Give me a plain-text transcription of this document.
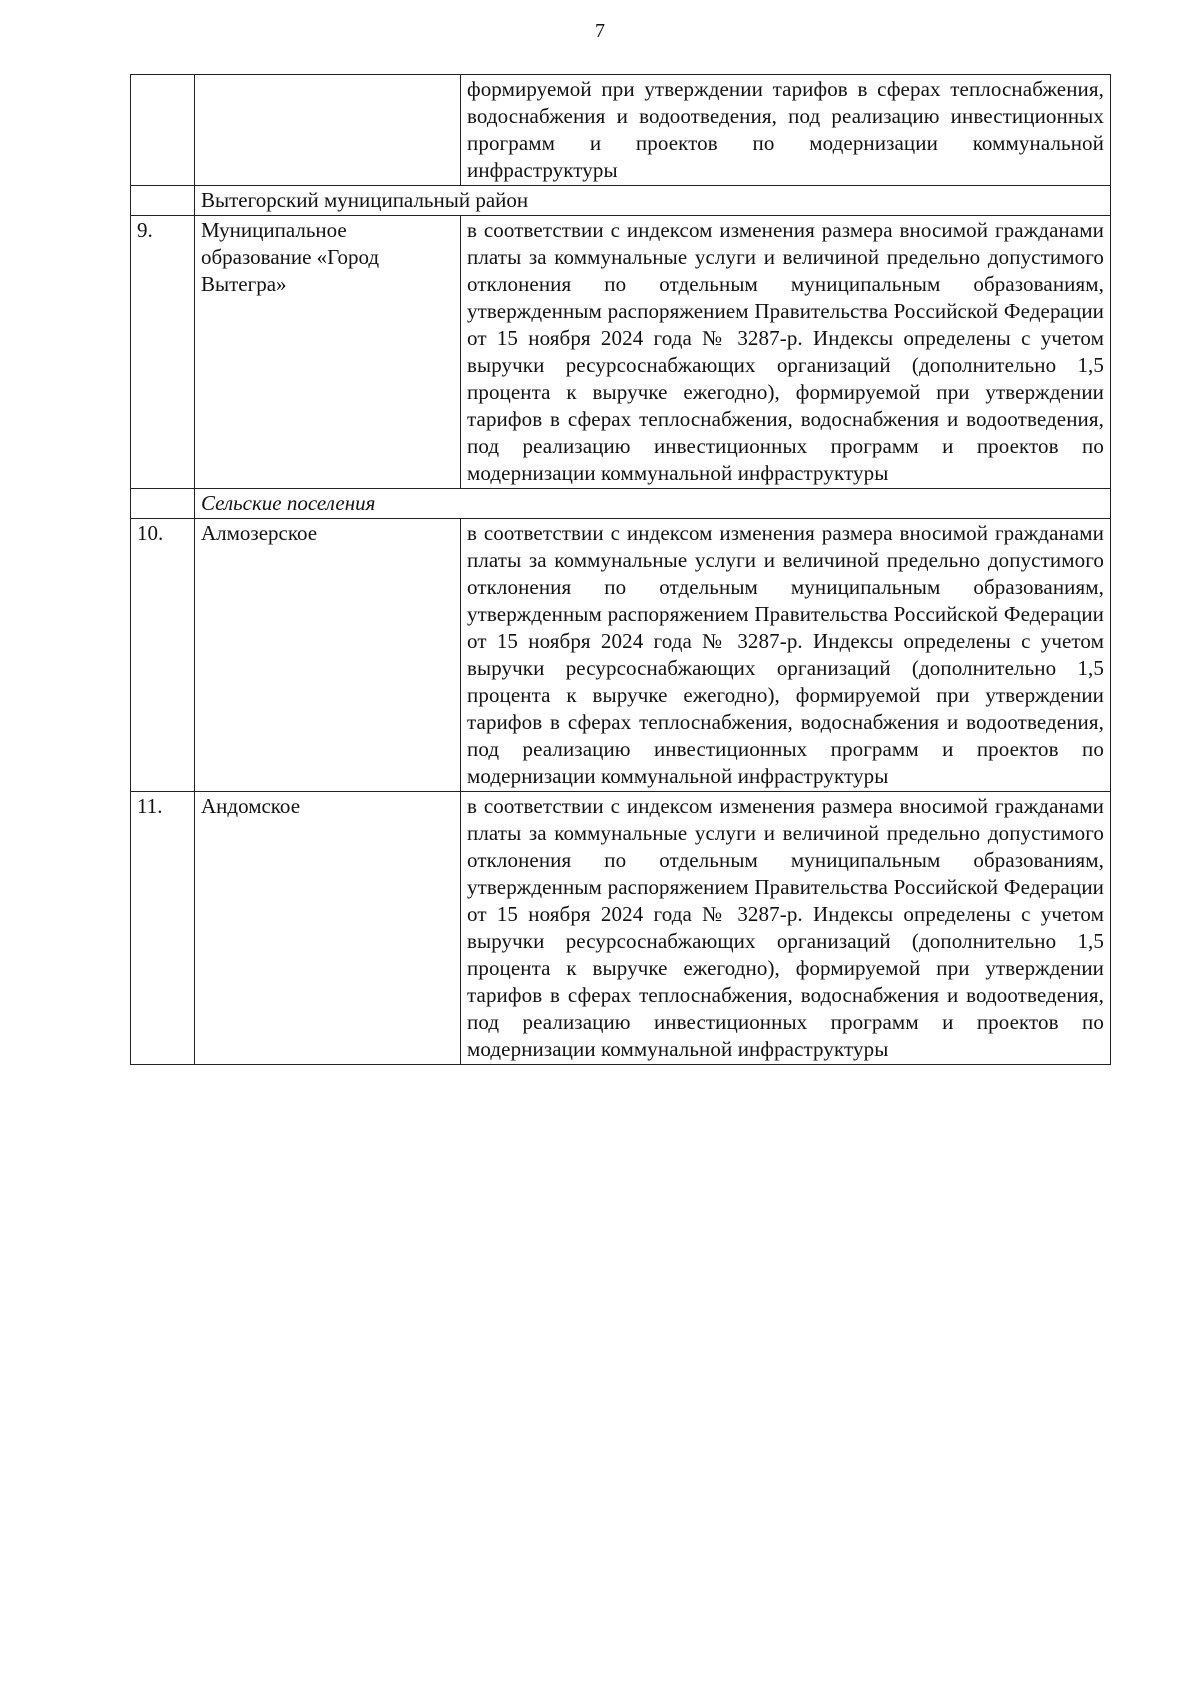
7
		формируемой при утверждении тарифов в сферах теплоснабжения, водоснабжения и водоотведения, под реализацию инвестиционных программ и проектов по модернизации коммунальной инфраструктуры
	Вытегорский муниципальный район	
9.	Муниципальное образование «Город Вытегра»	в соответствии с индексом изменения размера вносимой гражданами платы за коммунальные услуги и величиной предельно допустимого отклонения по отдельным муниципальным образованиям, утвержденным распоряжением Правительства Российской Федерации от 15 ноября 2024 года № 3287-р. Индексы определены с учетом выручки ресурсоснабжающих организаций (дополнительно 1,5 процента к выручке ежегодно), формируемой при утверждении тарифов в сферах теплоснабжения, водоснабжения и водоотведения, под реализацию инвестиционных программ и проектов по модернизации коммунальной инфраструктуры
	Сельские поселения	
10.	Алмозерское	в соответствии с индексом изменения размера вносимой гражданами платы за коммунальные услуги и величиной предельно допустимого отклонения по отдельным муниципальным образованиям, утвержденным распоряжением Правительства Российской Федерации от 15 ноября 2024 года № 3287-р. Индексы определены с учетом выручки ресурсоснабжающих организаций (дополнительно 1,5 процента к выручке ежегодно), формируемой при утверждении тарифов в сферах теплоснабжения, водоснабжения и водоотведения, под реализацию инвестиционных программ и проектов по модернизации коммунальной инфраструктуры
11.	Андомское	в соответствии с индексом изменения размера вносимой гражданами платы за коммунальные услуги и величиной предельно допустимого отклонения по отдельным муниципальным образованиям, утвержденным распоряжением Правительства Российской Федерации от 15 ноября 2024 года № 3287-р. Индексы определены с учетом выручки ресурсоснабжающих организаций (дополнительно 1,5 процента к выручке ежегодно), формируемой при утверждении тарифов в сферах теплоснабжения, водоснабжения и водоотведения, под реализацию инвестиционных программ и проектов по модернизации коммунальной инфраструктуры
